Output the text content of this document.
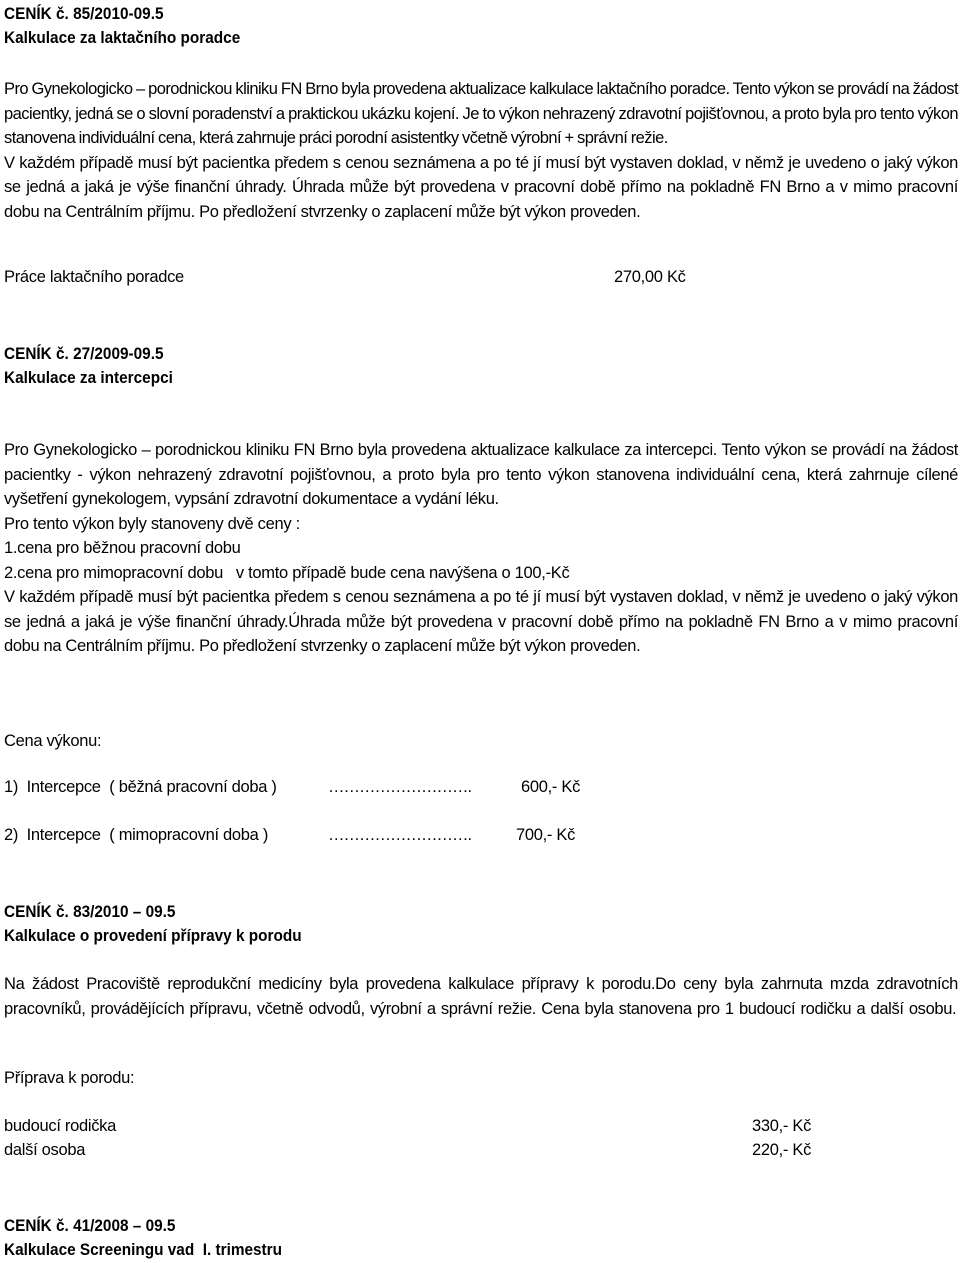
CENÍK č. 85/2010-09.5

Kalkulace za laktačního poradce

Pro Gynekologicko – porodnickou kliniku FN Brno byla provedena aktualizace kalkulace laktačního poradce. Tento výkon se provádí na žádost pacientky, jedná se o slovní poradenství a praktickou ukázku kojení. Je to výkon nehrazený zdravotní pojišťovnou, a proto byla pro tento výkon stanovena individuální cena, která zahrnuje práci porodní asistentky včetně výrobní + správní režie.

V každém případě musí být pacientka předem s cenou seznámena a po té jí musí být vystaven doklad, v němž je uvedeno o jaký výkon se jedná a jaká je výše finanční úhrady. Úhrada může být provedena v pracovní době přímo na pokladně FN Brno a v mimo pracovní dobu na Centrálním příjmu. Po předložení stvrzenky o zaplacení může být výkon proveden.

Práce laktačního poradce	270,00 Kč

CENÍK č. 27/2009-09.5

Kalkulace za intercepci

Pro Gynekologicko – porodnickou kliniku FN Brno byla provedena aktualizace kalkulace za intercepci. Tento výkon se provádí na žádost pacientky - výkon nehrazený zdravotní pojišťovnou, a proto byla pro tento výkon stanovena individuální cena, která zahrnuje cílené vyšetření gynekologem, vypsání zdravotní dokumentace a vydání léku.

Pro tento výkon byly stanoveny dvě ceny :

1.cena pro běžnou pracovní dobu

2.cena pro mimopracovní dobu   v tomto případě bude cena navýšena o 100,-Kč

V každém případě musí být pacientka předem s cenou seznámena a po té jí musí být vystaven doklad, v němž je uvedeno o jaký výkon se jedná a jaká je výše finanční úhrady.Úhrada může být provedena v pracovní době přímo na pokladně FN Brno a v mimo pracovní dobu na Centrálním příjmu. Po předložení stvrzenky o zaplacení může být výkon proveden.

Cena výkonu:
1)  Intercepce  ( běžná pracovní doba )	……………………….	600,- Kč
2)  Intercepce  ( mimopracovní doba )	……………………….	700,- Kč

CENÍK č. 83/2010 – 09.5

Kalkulace o provedení přípravy k porodu

Na žádost Pracoviště reprodukční medicíny byla provedena kalkulace přípravy k porodu.Do ceny byla zahrnuta mzda zdravotních pracovníků, provádějících přípravu, včetně odvodů, výrobní a správní režie. Cena byla stanovena pro 1 budoucí rodičku a další osobu.

Příprava k porodu:
budoucí rodička	330,- Kč
další osoba	220,- Kč

CENÍK č. 41/2008 – 09.5

Kalkulace Screeningu vad  I. trimestru
